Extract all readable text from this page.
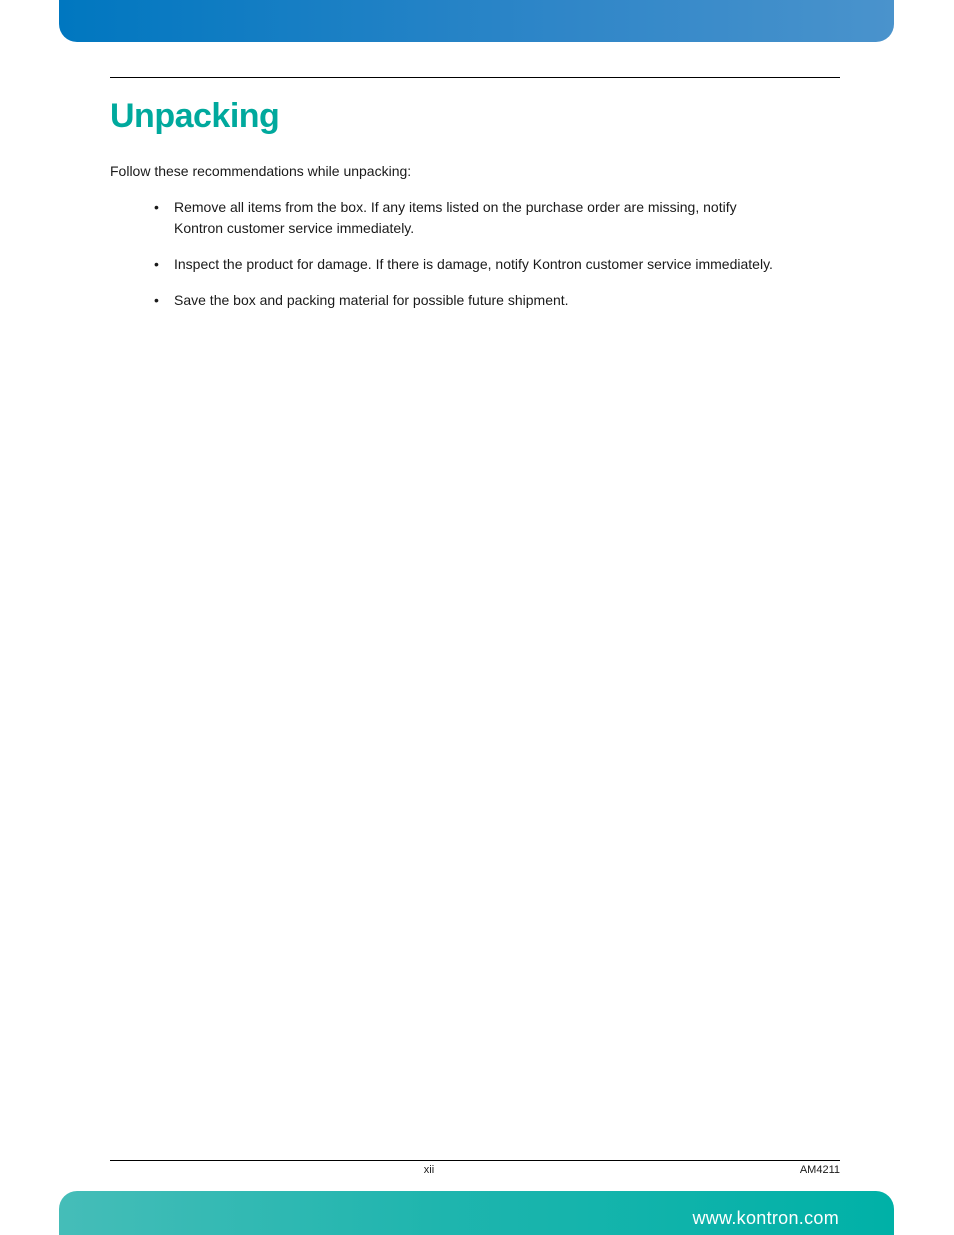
Unpacking

Follow these recommendations while unpacking:

• Remove all items from the box. If any items listed on the purchase order are missing, notify
Kontron customer service immediately.
• Inspect the product for damage. If there is damage, notify Kontron customer service immediately.
• Save the box and packing material for possible future shipment.
xii	AM4211
www.kontron.com
